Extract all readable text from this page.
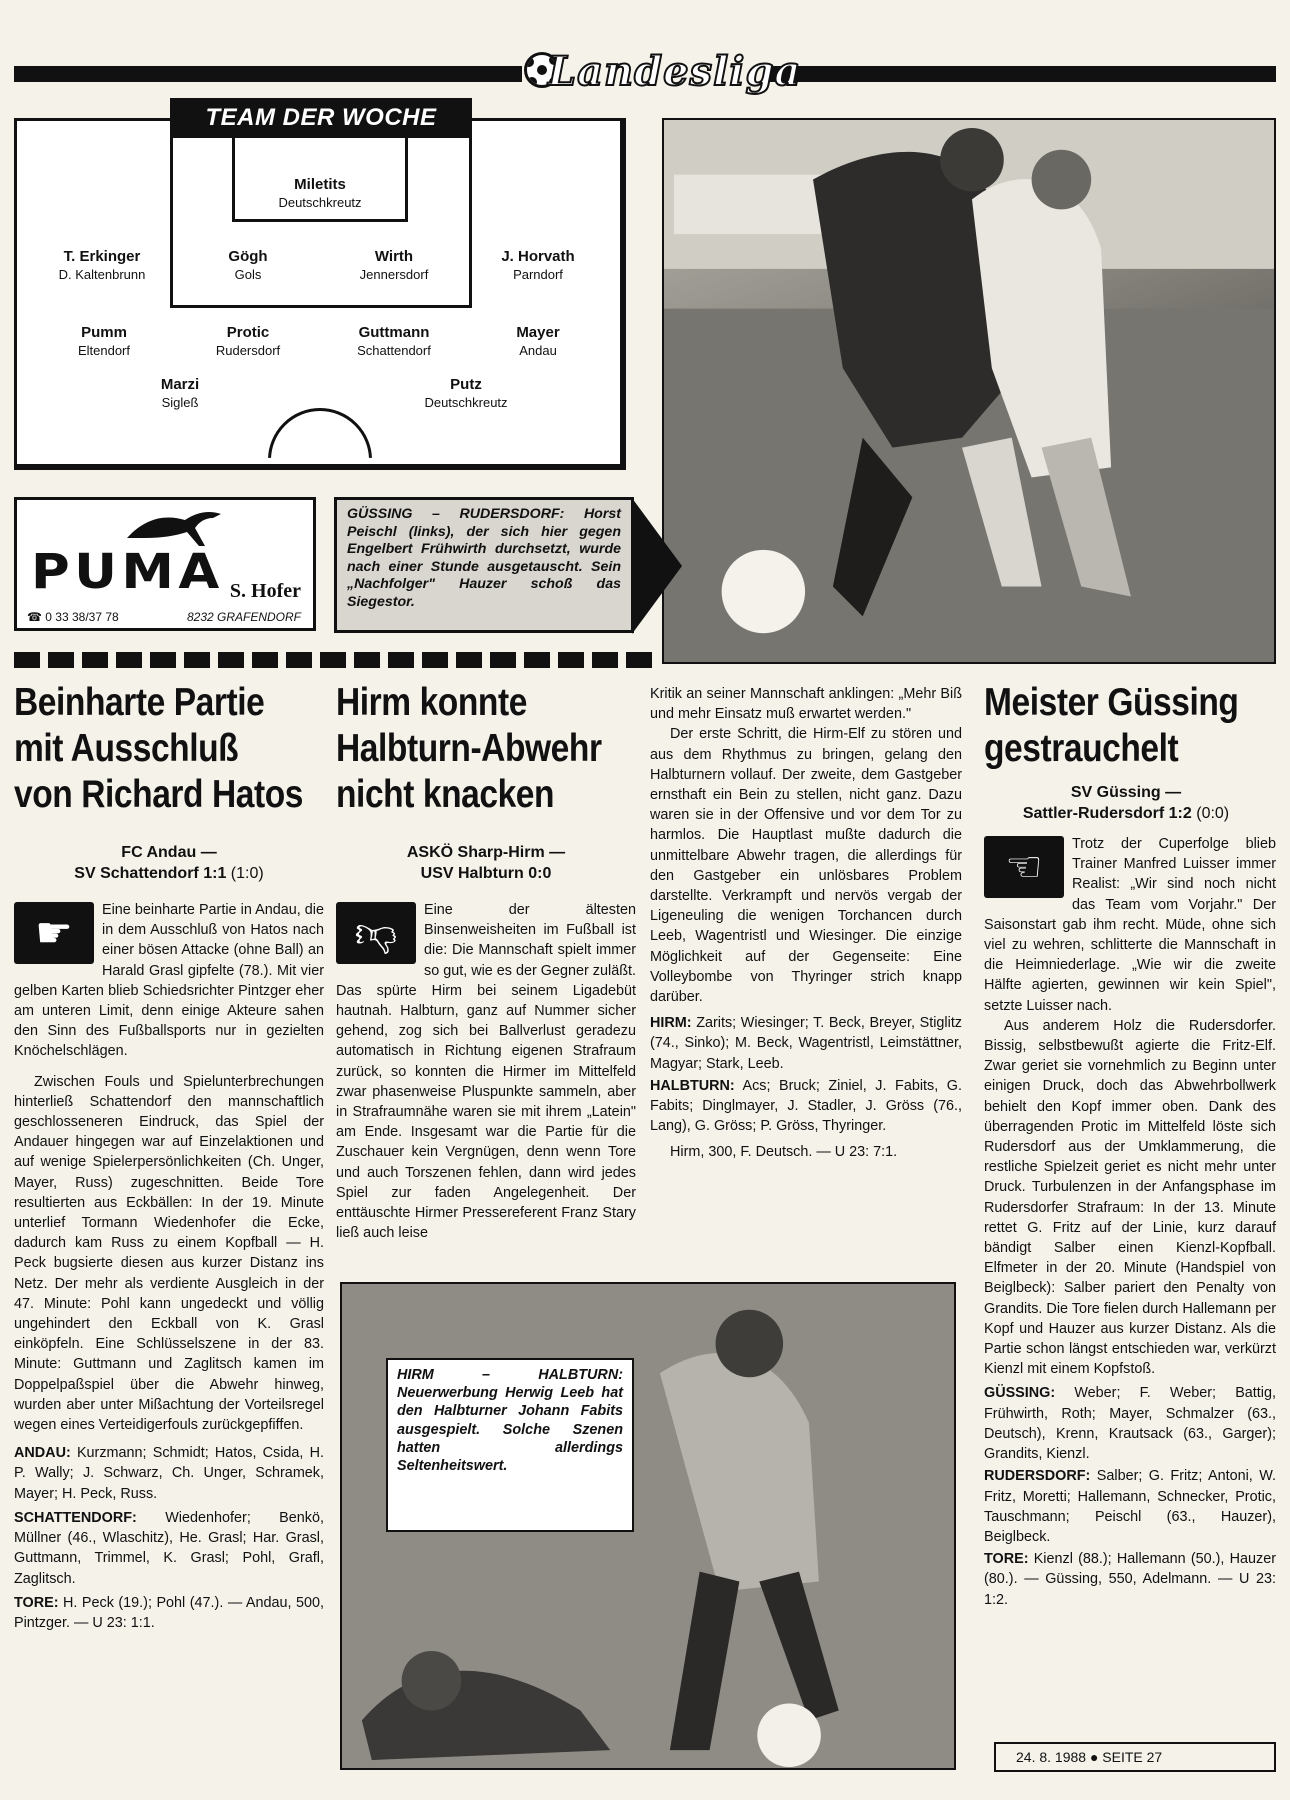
Landesliga
TEAM DER WOCHE
Miletits
Deutschkreutz
T. Erkinger
D. Kaltenbrunn
Gögh
Gols
Wirth
Jennersdorf
J. Horvath
Parndorf
Pumm
Eltendorf
Protic
Rudersdorf
Guttmann
Schattendorf
Mayer
Andau
Marzi
Sigleß
Putz
Deutschkreutz
PUMA S. Hofer
☎ 0 33 38/37 78	8232 GRAFENDORF
GÜSSING – RUDERSDORF: Horst Peischl (links), der sich hier gegen Engelbert Frühwirth durchsetzt, wurde nach einer Stunde ausgetauscht. Sein „Nachfolger" Hauzer schoß das Siegestor.
Beinharte Partie
mit Ausschluß
von Richard Hatos
FC Andau —
SV Schattendorf 1:1 (1:0)

☛	Eine beinharte Partie in Andau, die in dem Ausschluß von Hatos nach einer bösen Attacke (ohne Ball) an Harald Grasl gipfelte (78.). Mit vier gelben Karten blieb Schiedsrichter Pintzger eher am unteren Limit, denn einige Akteure sahen den Sinn des Fußballsports nur in gezielten Knöchelschlägen.

Zwischen Fouls und Spielunterbrechungen hinterließ Schattendorf den mannschaftlich geschlosseneren Eindruck, das Spiel der Andauer hingegen war auf Einzelaktionen und auf wenige Spielerpersönlichkeiten (Ch. Unger, Mayer, Russ) zugeschnitten. Beide Tore resultierten aus Eckbällen: In der 19. Minute unterlief Tormann Wiedenhofer die Ecke, dadurch kam Russ zu einem Kopfball — H. Peck bugsierte diesen aus kurzer Distanz ins Netz. Der mehr als verdiente Ausgleich in der 47. Minute: Pohl kann ungedeckt und völlig ungehindert den Eckball von K. Grasl einköpfeln. Eine Schlüsselszene in der 83. Minute: Guttmann und Zaglitsch kamen im Doppelpaßspiel über die Abwehr hinweg, wurden aber unter Mißachtung der Vorteilsregel wegen eines Verteidigerfouls zurückgepfiffen.

ANDAU: Kurzmann; Schmidt; Hatos, Csida, H. P. Wally; J. Schwarz, Ch. Unger, Schramek, Mayer; H. Peck, Russ.

SCHATTENDORF: Wiedenhofer; Benkö, Müllner (46., Wlaschitz), He. Grasl; Har. Grasl, Guttmann, Trimmel, K. Grasl; Pohl, Grafl, Zaglitsch.

TORE: H. Peck (19.); Pohl (47.). — Andau, 500, Pintzger. — U 23: 1:1.

Hirm konnte
Halbturn-Abwehr
nicht knacken
ASKÖ Sharp-Hirm —
USV Halbturn 0:0

👎︎	Eine der ältesten Binsenweisheiten im Fußball ist die: Die Mannschaft spielt immer so gut, wie es der Gegner zuläßt. Das spürte Hirm bei seinem Ligadebüt hautnah. Halbturn, ganz auf Nummer sicher gehend, zog sich bei Ballverlust geradezu automatisch in Richtung eigenen Strafraum zurück, so konnten die Hirmer im Mittelfeld zwar phasenweise Pluspunkte sammeln, aber in Strafraumnähe waren sie mit ihrem „Latein" am Ende. Insgesamt war die Partie für die Zuschauer kein Vergnügen, denn wenn Tore und auch Torszenen fehlen, dann wird jedes Spiel zur faden Angelegenheit. Der enttäuschte Hirmer Pressereferent Franz Stary ließ auch leise

Kritik an seiner Mannschaft anklingen: „Mehr Biß und mehr Einsatz muß erwartet werden."

Der erste Schritt, die Hirm-Elf zu stören und aus dem Rhythmus zu bringen, gelang den Halbturnern vollauf. Der zweite, dem Gastgeber ernsthaft ein Bein zu stellen, nicht ganz. Dazu waren sie in der Offensive und vor dem Tor zu harmlos. Die Hauptlast mußte dadurch die unmittelbare Abwehr tragen, die allerdings für den Gastgeber ein unlösbares Problem darstellte. Verkrampft und nervös vergab der Ligeneuling die wenigen Torchancen durch Leeb, Wagentristl und Wiesinger. Die einzige Möglichkeit auf der Gegenseite: Eine Volleybombe von Thyringer strich knapp darüber.

HIRM: Zarits; Wiesinger; T. Beck, Breyer, Stiglitz (74., Sinko); M. Beck, Wagentristl, Leimstättner, Magyar; Stark, Leeb.

HALBTURN: Acs; Bruck; Ziniel, J. Fabits, G. Fabits; Dinglmayer, J. Stadler, J. Gröss (76., Lang), G. Gröss; P. Gröss, Thyringer.

Hirm, 300, F. Deutsch. — U 23: 7:1.

HIRM – HALBTURN: Neuerwerbung Herwig Leeb hat den Halbturner Johann Fabits ausgespielt. Solche Szenen hatten allerdings Seltenheitswert.
Meister Güssing
gestrauchelt
SV Güssing —
Sattler-Rudersdorf 1:2 (0:0)

☜	Trotz der Cuperfolge blieb Trainer Manfred Luisser immer Realist: „Wir sind noch nicht das Team vom Vorjahr." Der Saisonstart gab ihm recht. Müde, ohne sich viel zu wehren, schlitterte die Mannschaft in die Heimniederlage. „Wie wir die zweite Hälfte agierten, gewinnen wir kein Spiel", setzte Luisser nach.

Aus anderem Holz die Rudersdorfer. Bissig, selbstbewußt agierte die Fritz-Elf. Zwar geriet sie vornehmlich zu Beginn unter einigen Druck, doch das Abwehrbollwerk behielt den Kopf immer oben. Dank des überragenden Protic im Mittelfeld löste sich Rudersdorf aus der Umklammerung, die restliche Spielzeit geriet es nicht mehr unter Druck. Turbulenzen in der Anfangsphase im Rudersdorfer Strafraum: In der 13. Minute rettet G. Fritz auf der Linie, kurz darauf bändigt Salber einen Kienzl-Kopfball. Elfmeter in der 20. Minute (Handspiel von Beiglbeck): Salber pariert den Penalty von Grandits. Die Tore fielen durch Hallemann per Kopf und Hauzer aus kurzer Distanz. Als die Partie schon längst entschieden war, verkürzt Kienzl mit einem Kopfstoß.

GÜSSING: Weber; F. Weber; Battig, Frühwirth, Roth; Mayer, Schmalzer (63., Deutsch), Krenn, Krautsack (63., Garger); Grandits, Kienzl.

RUDERSDORF: Salber; G. Fritz; Antoni, W. Fritz, Moretti; Hallemann, Schnecker, Protic, Tauschmann; Peischl (63., Hauzer), Beiglbeck.

TORE: Kienzl (88.); Hallemann (50.), Hauzer (80.). — Güssing, 550, Adelmann. — U 23: 1:2.

24. 8. 1988 ● SEITE 27
